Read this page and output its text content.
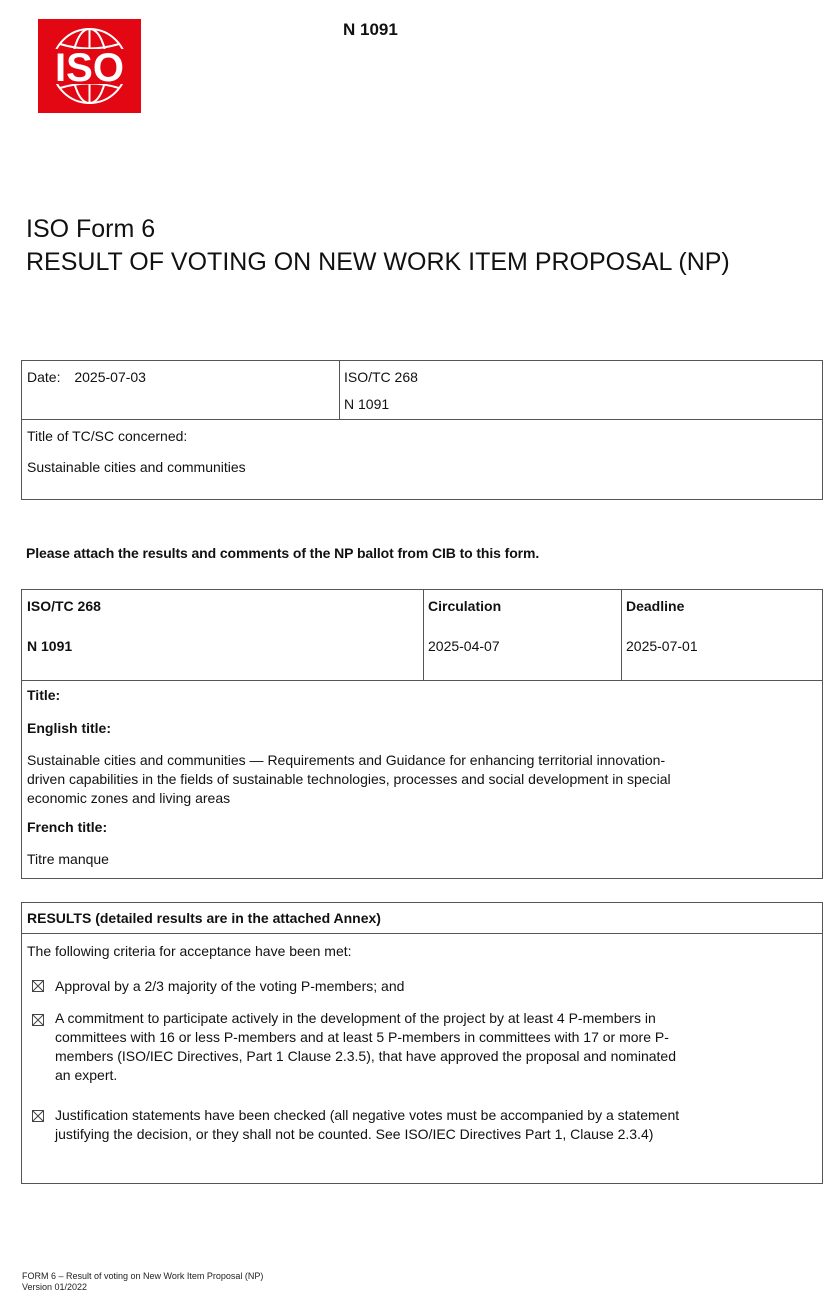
ISO
N 1091
ISO Form 6
RESULT OF VOTING ON NEW WORK ITEM PROPOSAL (NP)
Date: 2025-07-03	ISO/TC 268
N 1091
Title of TC/SC concerned:
Sustainable cities and communities
Please attach the results and comments of the NP ballot from CIB to this form.
ISO/TC 268
N 1091
Circulation
2025-04-07
Deadline
2025-07-01
Title:
English title:
Sustainable cities and communities — Requirements and Guidance for enhancing territorial innovation-
driven capabilities in the fields of sustainable technologies, processes and social development in special
economic zones and living areas
French title:
Titre manque
RESULTS (detailed results are in the attached Annex)
The following criteria for acceptance have been met:
Approval by a 2/3 majority of the voting P-members; and
A commitment to participate actively in the development of the project by at least 4 P-members in
committees with 16 or less P-members and at least 5 P-members in committees with 17 or more P-
members (ISO/IEC Directives, Part 1 Clause 2.3.5), that have approved the proposal and nominated
an expert.
Justification statements have been checked (all negative votes must be accompanied by a statement
justifying the decision, or they shall not be counted. See ISO/IEC Directives Part 1, Clause 2.3.4)
FORM 6 – Result of voting on New Work Item Proposal (NP)
Version 01/2022
